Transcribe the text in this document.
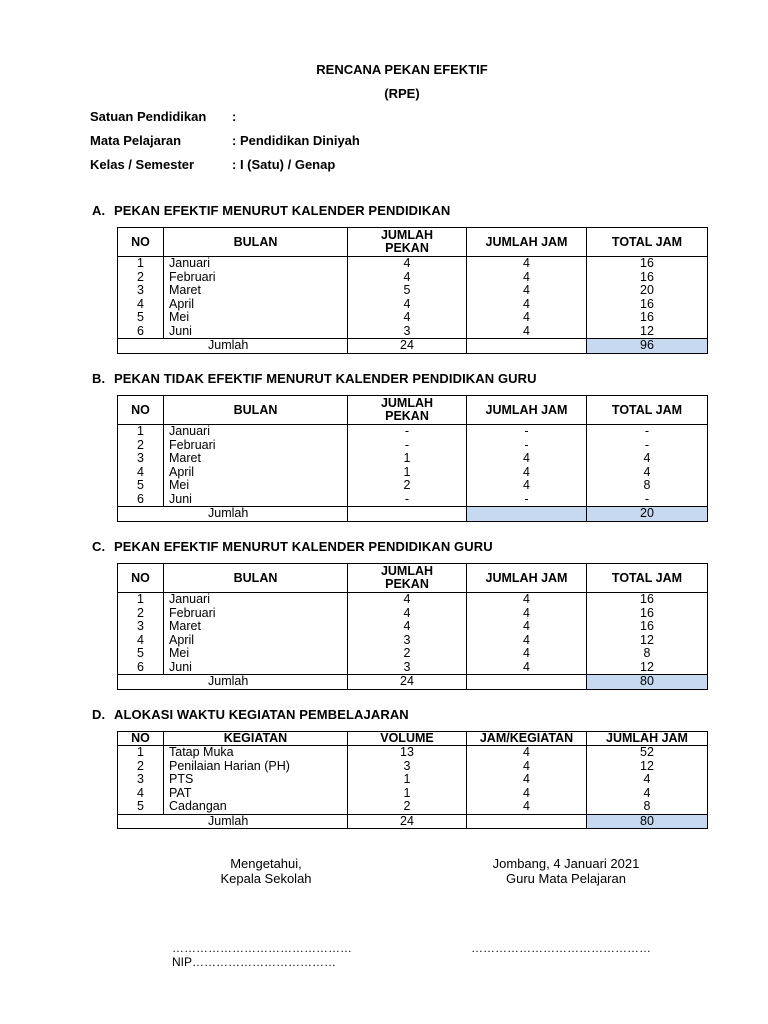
RENCANA PEKAN EFEKTIF
(RPE)
Satuan Pendidikan	:
Mata Pelajaran	: Pendidikan Diniyah
Kelas / Semester	: I (Satu) / Genap
A. PEKAN EFEKTIF MENURUT KALENDER PENDIDIKAN
NO	BULAN	JUMLAH PEKAN	JUMLAH JAM	TOTAL JAM
1	Januari	4	4	16
2	Februari	4	4	16
3	Maret	5	4	20
4	April	4	4	16
5	Mei	4	4	16
6	Juni	3	4	12
Jumlah		24		96
B. PEKAN TIDAK EFEKTIF MENURUT KALENDER PENDIDIKAN GURU
NO	BULAN	JUMLAH PEKAN	JUMLAH JAM	TOTAL JAM
1	Januari	-	-	-
2	Februari	-	-	-
3	Maret	1	4	4
4	April	1	4	4
5	Mei	2	4	8
6	Juni	-	-	-
Jumlah				20
C. PEKAN EFEKTIF MENURUT KALENDER PENDIDIKAN GURU
NO	BULAN	JUMLAH PEKAN	JUMLAH JAM	TOTAL JAM
1	Januari	4	4	16
2	Februari	4	4	16
3	Maret	4	4	16
4	April	3	4	12
5	Mei	2	4	8
6	Juni	3	4	12
Jumlah		24		80
D. ALOKASI WAKTU KEGIATAN PEMBELAJARAN
NO	KEGIATAN	VOLUME	JAM/KEGIATAN	JUMLAH JAM
1	Tatap Muka	13	4	52
2	Penilaian Harian (PH)	3	4	12
3	PTS	1	4	4
4	PAT	1	4	4
5	Cadangan	2	4	8
Jumlah		24		80
Mengetahui,
Kepala Sekolah
Jombang, 4 Januari 2021
Guru Mata Pelajaran
………………………………………
NIP………………………………
………………………………………
